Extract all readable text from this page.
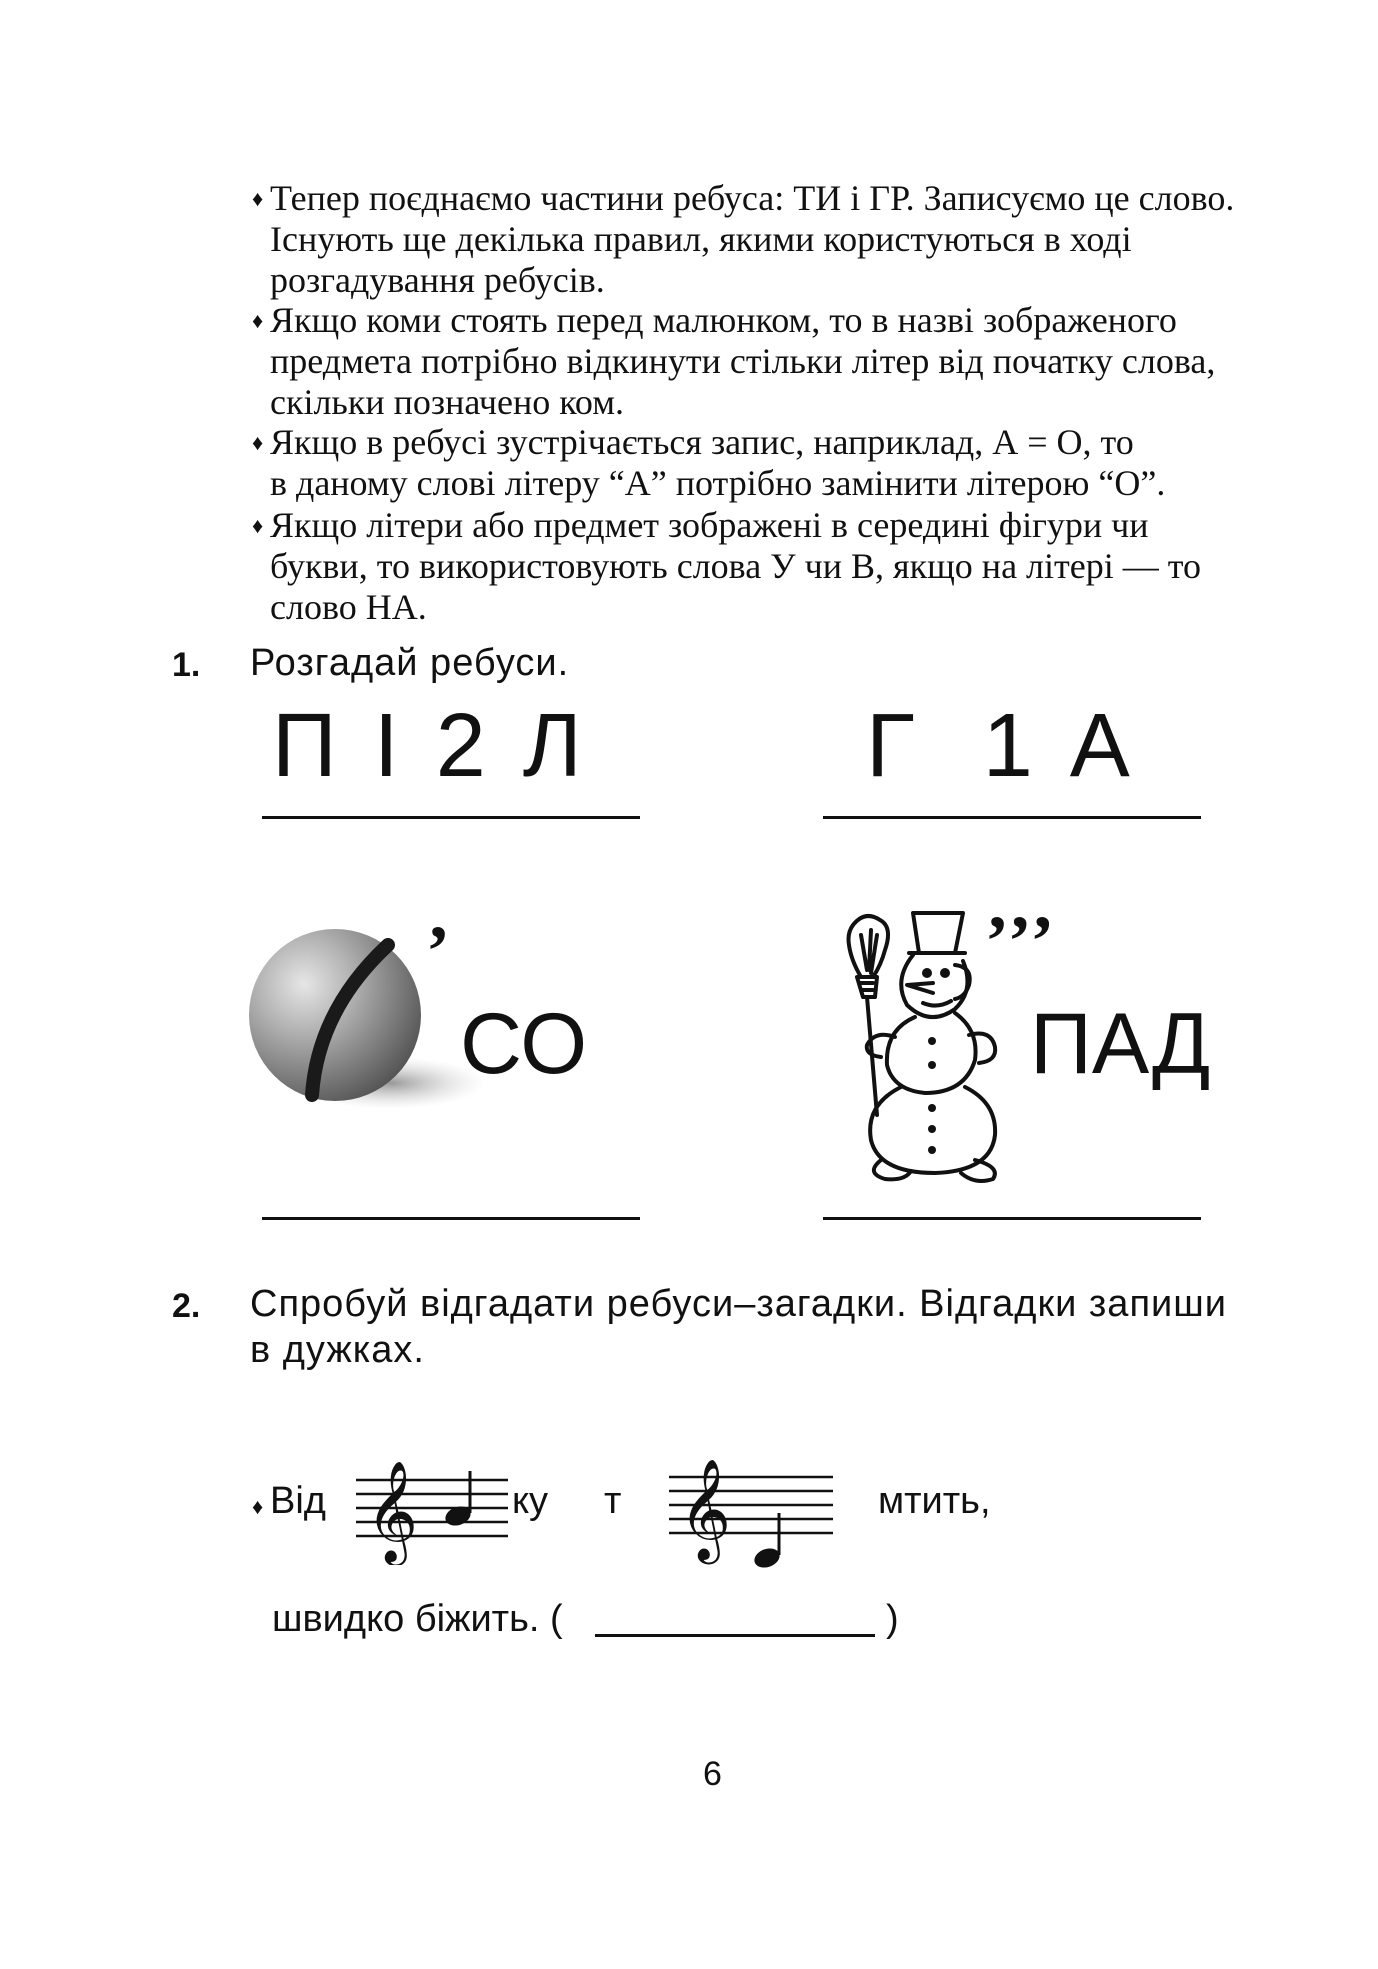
♦ Тепер поєднаємо частини ребуса: ТИ і ГР. Записуємо це слово.
Існують ще декілька правил, якими користуються в ході
розгадування ребусів.
♦ Якщо коми стоять перед малюнком, то в назві зображеного
предмета потрібно відкинути стільки літер від початку слова,
скільки позначено ком.
♦ Якщо в ребусі зустрічається запис, наприклад, А = О, то
в даному слові літеру “А” потрібно замінити літерою “О”.
♦ Якщо літери або предмет зображені в середині фігури чи
букви, то використовують слова У чи В, якщо на літері — то
слово НА.
1. Розгадай ребуси.
П І 2 Л	Г  1 А
’
СО
’’’
ПАД
2. Спробуй відгадати ребуси–загадки. Відгадки запиши
в дужках.
♦ Від 𝄞 ку т 𝄞	мтить,
швидко біжить. (	)
6
